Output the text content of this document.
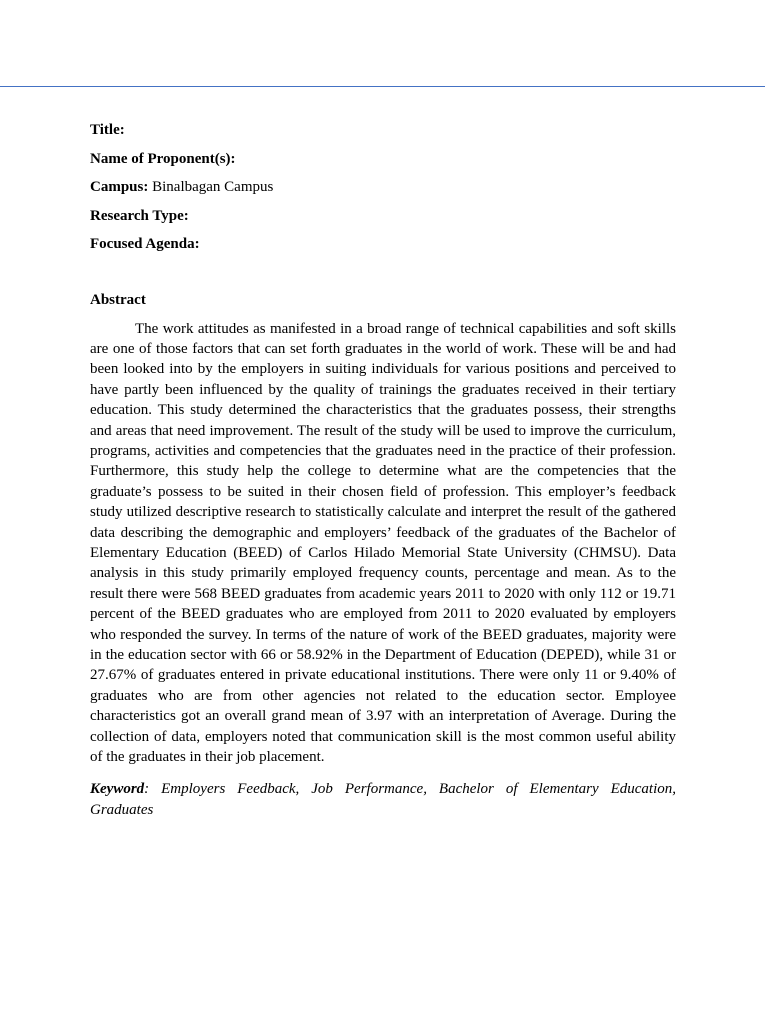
Title:

Name of Proponent(s):

Campus: Binalbagan Campus

Research Type:

Focused Agenda:

Abstract

The work attitudes as manifested in a broad range of technical capabilities and soft skills are one of those factors that can set forth graduates in the world of work. These will be and had been looked into by the employers in suiting individuals for various positions and perceived to have partly been influenced by the quality of trainings the graduates received in their tertiary education. This study determined the characteristics that the graduates possess, their strengths and areas that need improvement. The result of the study will be used to improve the curriculum, programs, activities and competencies that the graduates need in the practice of their profession. Furthermore, this study help the college to determine what are the competencies that the graduate’s possess to be suited in their chosen field of profession. This employer’s feedback study utilized descriptive research to statistically calculate and interpret the result of the gathered data describing the demographic and employers’ feedback of the graduates of the Bachelor of Elementary Education (BEED) of Carlos Hilado Memorial State University (CHMSU). Data analysis in this study primarily employed frequency counts, percentage and mean. As to the result there were 568 BEED graduates from academic years 2011 to 2020 with only 112 or 19.71 percent of the BEED graduates who are employed from 2011 to 2020 evaluated by employers who responded the survey. In terms of the nature of work of the BEED graduates, majority were in the education sector with 66 or 58.92% in the Department of Education (DEPED), while 31 or 27.67% of graduates entered in private educational institutions. There were only 11 or 9.40% of graduates who are from other agencies not related to the education sector. Employee characteristics got an overall grand mean of 3.97 with an interpretation of Average. During the collection of data, employers noted that communication skill is the most common useful ability of the graduates in their job placement.

Keyword: Employers Feedback, Job Performance, Bachelor of Elementary Education, Graduates
